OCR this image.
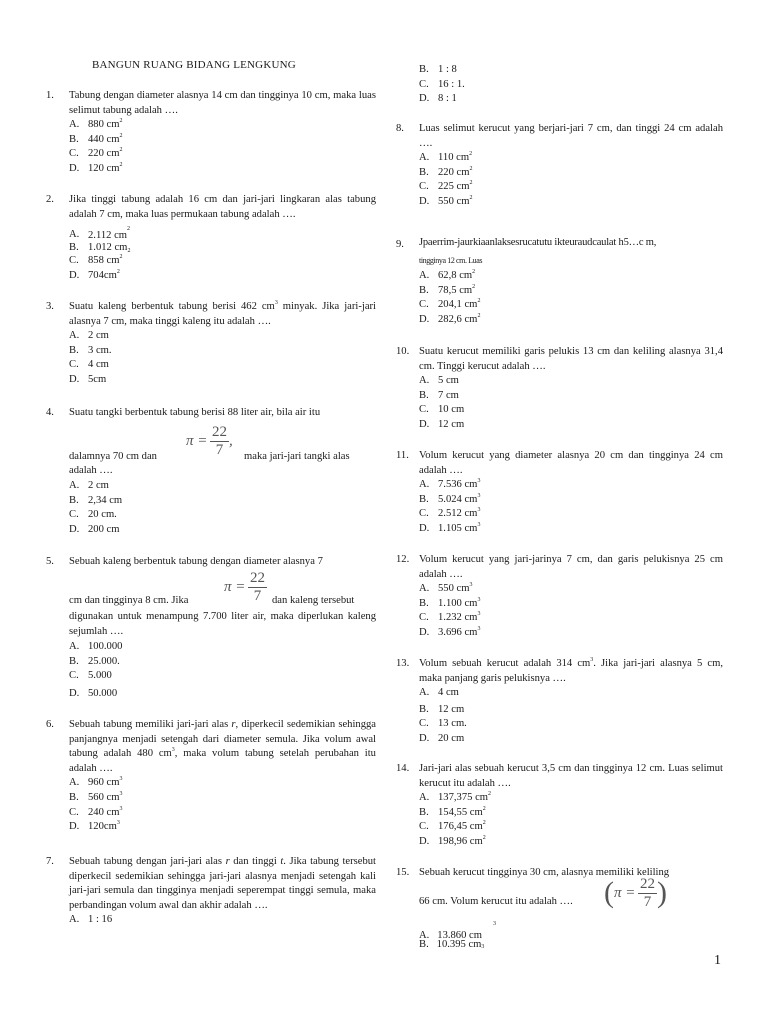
BANGUN RUANG BIDANG LENGKUNG
1. Tabung dengan diameter alasnya 14 cm dan tingginya 10 cm, maka luas selimut tabung adalah ….
A. 880 $cm^2$
B. 440 $cm^2$
C. 220 $cm^2$
D. 120 $cm^2$
2. Jika tinggi tabung adalah 16 cm dan jari-jari lingkaran alas tabung adalah 7 cm, maka luas permukaan tabung adalah ….
A. 2.112 $cm^2$
B. 1.012 $cm^2$
C. 858 $cm^2$
D. $704cm^2$
3. Suatu kaleng berbentuk tabung berisi 462 $cm^3$ minyak. Jika jari-jari alasnya 7 cm, maka tinggi kaleng itu adalah ….
A. 2 cm
B. 3 cm.
C. 4 cm
D. 5cm
4. Suatu tangki berbentuk tabung berisi 88 liter air, bila air itu
dalamnya 70 cm dan
$\pi = \frac{22}{7}$ ,
maka jari-jari tangki alas
adalah ….
A. 2 cm
B. 2,34 cm
C. 20 cm.
D. 200 cm
5. Sebuah kaleng berbentuk tabung dengan diameter alasnya 7
cm dan tingginya 8 cm. Jika
$\pi = \frac{22}{7}$ dan kaleng tersebut
digunakan untuk menampung 7.700 liter air, maka diperlukan kaleng sejumlah ….
A. 100.000
B. 25.000.
C. 5.000
D. 50.000
6. Sebuah tabung memiliki jari-jari alas r, diperkecil sedemikian sehingga panjangnya menjadi setengah dari diameter semula. Jika volum awal tabung adalah 480 $cm^3$, maka volum tabung setelah perubahan itu adalah ….
A. 960 $cm^3$
B. 560 $cm^3$
C. 240 $cm^3$
D. $120cm^3$
7. Sebuah tabung dengan jari-jari alas r dan tinggi t. Jika tabung tersebut diperkecil sedemikian sehingga jari-jari alasnya menjadi setengah kali jari-jari semula dan tingginya menjadi seperempat tinggi semula, maka perbandingan volum awal dan akhir adalah ….
A. 1 : 16
B. 1 : 8
C. 16 : 1.
D. 8 : 1
8. Luas selimut kerucut yang berjari-jari 7 cm, dan tinggi 24 cm adalah ….
A. 110 $cm^2$
B. 220 $cm^2$
C. 225 $cm^2$
D. 550 $cm^2$
9. Jpaerrim-jaurkiaanlaksesrucatutu ikteuraudcaulat h5…c m,
tingginya 12 cm. Luas
A. 62,8 $cm^2$
B. 78,5 $cm^2$
C. 204,1 $cm^2$
D. 282,6 $cm^2$
10. Suatu kerucut memiliki garis pelukis 13 cm dan keliling alasnya 31,4 cm. Tinggi kerucut adalah ….
A. 5 cm
B. 7 cm
C. 10 cm
D. 12 cm
11. Volum kerucut yang diameter alasnya 20 cm dan tingginya 24 cm adalah ….
A. 7.536 $cm^3$
B. 5.024 $cm^3$
C. 2.512 $cm^3$
D. 1.105 $cm^3$
12. Volum kerucut yang jari-jarinya 7 cm, dan garis pelukisnya 25 cm adalah ….
A. 550 $cm^3$
B. 1.100 $cm^3$
C. 1.232 $cm^3$
D. 3.696 $cm^3$
13. Volum sebuah kerucut adalah 314 $cm^3$. Jika jari-jari alasnya 5 cm, maka panjang garis pelukisnya ….
A. 4 cm
B. 12 cm
C. 13 cm.
D. 20 cm
14. Jari-jari alas sebuah kerucut 3,5 cm dan tingginya 12 cm. Luas selimut kerucut itu adalah ….
A. 137,375 $cm^2$
B. 154,55 $cm^2$
C. 176,45 $cm^2$
D. 198,96 $cm^2$
15. Sebuah kerucut tingginya 30 cm, alasnya memiliki keliling
66 cm. Volum kerucut itu adalah …. ($\pi = \frac{22}{7}$ )
3
A. 13.860 cm
B. 10.395 $cm^3$
1
